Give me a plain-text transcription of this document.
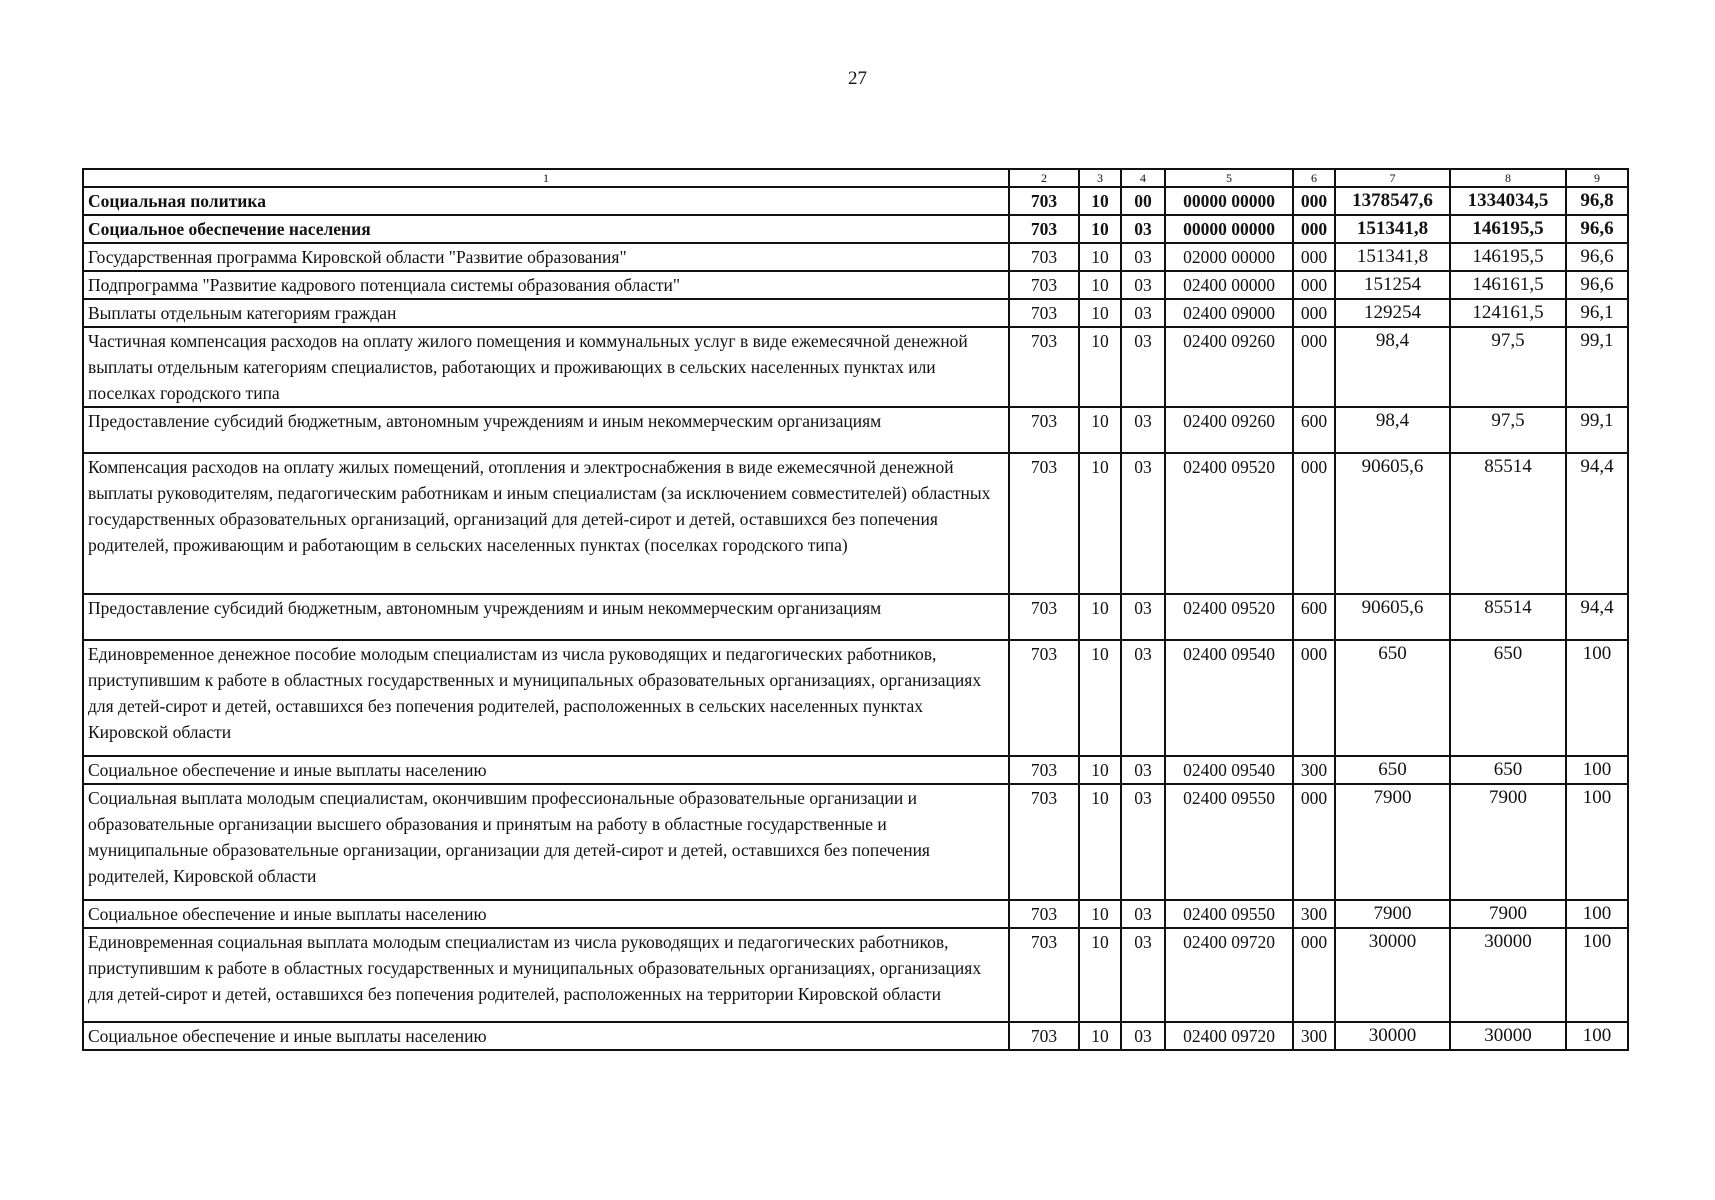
27
1	2	3	4	5	6	7	8	9
Социальная политика	703	10	00	00000 00000	000	1378547,6	1334034,5	96,8
Социальное обеспечение населения	703	10	03	00000 00000	000	151341,8	146195,5	96,6
Государственная программа Кировской области "Развитие образования"	703	10	03	02000 00000	000	151341,8	146195,5	96,6
Подпрограмма "Развитие кадрового потенциала системы образования области"	703	10	03	02400 00000	000	151254	146161,5	96,6
Выплаты отдельным категориям граждан	703	10	03	02400 09000	000	129254	124161,5	96,1
Частичная компенсация расходов на оплату жилого помещения и коммунальных услуг в виде ежемесячной денежной выплаты отдельным категориям специалистов, работающих и проживающих в сельских населенных пунктах или поселках городского типа	703	10	03	02400 09260	000	98,4	97,5	99,1
Предоставление субсидий бюджетным, автономным учреждениям и иным некоммерческим организациям	703	10	03	02400 09260	600	98,4	97,5	99,1
Компенсация расходов на оплату жилых помещений, отопления и электроснабжения в виде ежемесячной денежной выплаты руководителям, педагогическим работникам и иным специалистам (за исключением совместителей) областных государственных образовательных организаций, организаций для детей-сирот и детей, оставшихся без попечения родителей, проживающим и работающим в сельских населенных пунктах (поселках городского типа)	703	10	03	02400 09520	000	90605,6	85514	94,4
Предоставление субсидий бюджетным, автономным учреждениям и иным некоммерческим организациям	703	10	03	02400 09520	600	90605,6	85514	94,4
Единовременное денежное пособие молодым специалистам из числа руководящих и педагогических работников, приступившим к работе в областных государственных и муниципальных образовательных организациях, организациях для детей-сирот и детей, оставшихся без попечения родителей, расположенных в сельских населенных пунктах Кировской области	703	10	03	02400 09540	000	650	650	100
Социальное обеспечение и иные выплаты населению	703	10	03	02400 09540	300	650	650	100
Социальная выплата молодым специалистам, окончившим профессиональные образовательные организации и образовательные организации высшего образования и принятым на работу в областные государственные и муниципальные образовательные организации, организации для детей-сирот и детей, оставшихся без попечения родителей, Кировской области	703	10	03	02400 09550	000	7900	7900	100
Социальное обеспечение и иные выплаты населению	703	10	03	02400 09550	300	7900	7900	100
Единовременная социальная выплата молодым специалистам из числа руководящих и педагогических работников, приступившим к работе в областных государственных и муниципальных образовательных организациях, организациях для детей-сирот и детей, оставшихся без попечения родителей, расположенных на территории Кировской области	703	10	03	02400 09720	000	30000	30000	100
Социальное обеспечение и иные выплаты населению	703	10	03	02400 09720	300	30000	30000	100
